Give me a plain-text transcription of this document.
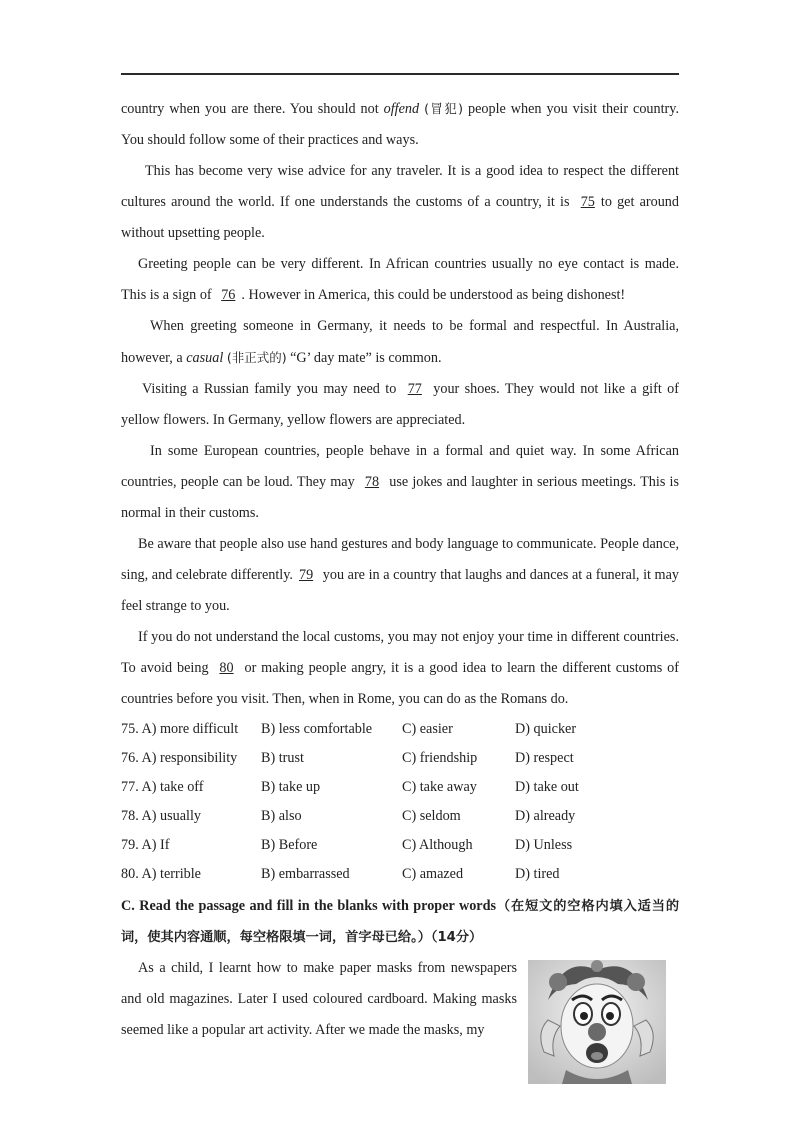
country when you are there. You should not offend (冒犯) people when you visit their country. You should follow some of their practices and ways.

This has become very wise advice for any traveler. It is a good idea to respect the different cultures around the world. If one understands the customs of a country, it is 75 to get around without upsetting people.

Greeting people can be very different. In African countries usually no eye contact is made. This is a sign of 76 . However in America, this could be understood as being dishonest!

When greeting someone in Germany, it needs to be formal and respectful. In Australia, however, a casual (非正式的) “G’ day mate” is common.

Visiting a Russian family you may need to 77 your shoes. They would not like a gift of yellow flowers. In Germany, yellow flowers are appreciated.

In some European countries, people behave in a formal and quiet way. In some African countries, people can be loud. They may 78 use jokes and laughter in serious meetings. This is normal in their customs.

Be aware that people also use hand gestures and body language to communicate. People dance, sing, and celebrate differently. 79 you are in a country that laughs and dances at a funeral, it may feel strange to you.

If you do not understand the local customs, you may not enjoy your time in different countries. To avoid being 80 or making people angry, it is a good idea to learn the different customs of countries before you visit. Then, when in Rome, you can do as the Romans do.

75. A) more difficult	B) less comfortable	C) easier	D) quicker
76. A) responsibility	B) trust	C) friendship	D) respect
77. A) take off	B) take up	C) take away	D) take out
78. A) usually	B) also	C) seldom	D) already
79. A) If	B) Before	C) Although	D) Unless
80. A) terrible	B) embarrassed	C) amazed	D) tired

C. Read the passage and fill in the blanks with proper words（在短文的空格内填入适当的词，使其内容通顺，每空格限填一词，首字母已给。）（14分）

As a child, I learnt how to make paper masks from newspapers and old magazines. Later I used coloured cardboard. Making masks seemed like a popular art activity. After we made the masks, my
